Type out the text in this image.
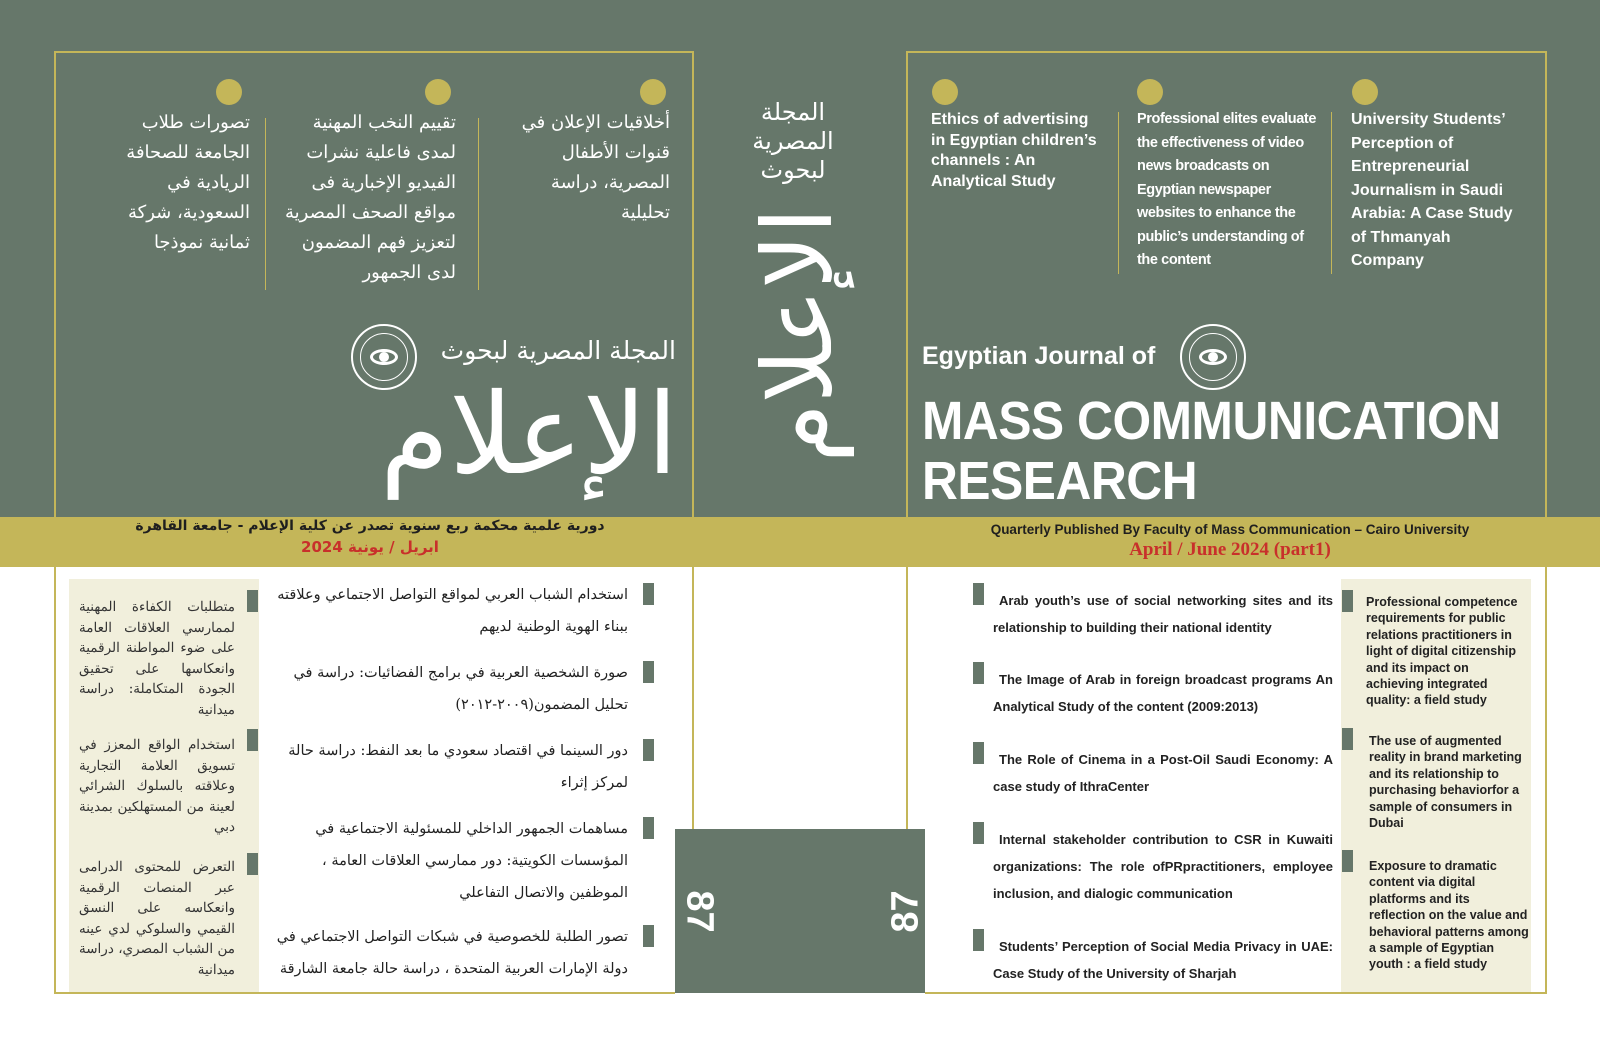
أخلاقيات الإعلان في قنوات الأطفال المصرية، دراسة تحليلية
تقييم النخب المهنية لمدى فاعلية نشرات الفيديو الإخبارية فى مواقع الصحف المصرية لتعزيز فهم المضمون لدى الجمهور
تصورات طلاب الجامعة للصحافة الريادية في السعودية، شركة ثمانية نموذجا
المجلة المصرية لبحوث
الإعلام
المجلة المصرية لبحوث
الإعلام
Ethics of advertising in Egyptian children’s channels : An Analytical Study
Professional elites evaluate the effectiveness of video news broadcasts on Egyptian newspaper websites to enhance the public’s understanding of the content
University Students’ Perception of Entrepreneurial Journalism in Saudi Arabia: A Case Study of Thmanyah Company
Egyptian Journal of
MASS COMMUNICATION
RESEARCH
دورية علمية محكمة ربع سنوية تصدر عن كلية الإعلام - جامعة القاهرة
ابريل / يونية 2024
Quarterly Published By Faculty of Mass Communication – Cairo University
April / June 2024 (part1)
استخدام الشباب العربي لمواقع التواصل الاجتماعي وعلاقته ببناء الهوية الوطنية لديهم
صورة الشخصية العربية في برامج الفضائيات: دراسة في تحليل المضمون(٢٠٠٩-٢٠١٢)
دور السينما في اقتصاد سعودي ما بعد النفط: دراسة حالة لمركز إثراء
مساهمات الجمهور الداخلي للمسئولية الاجتماعية في المؤسسات الكويتية: دور ممارسي العلاقات العامة ، الموظفين والاتصال التفاعلي
تصور الطلبة للخصوصية في شبكات التواصل الاجتماعي في دولة الإمارات العربية المتحدة ، دراسة حالة جامعة الشارقة
متطلبات الكفاءة المهنية لممارسي العلاقات العامة على ضوء المواطنة الرقمية وانعكاسها على تحقيق الجودة المتكاملة: دراسة ميدانية
استخدام الواقع المعزز في تسويق العلامة التجارية وعلاقته بالسلوك الشرائي لعينة من المستهلكين بمدينة دبي
التعرض للمحتوى الدرامى عبر المنصات الرقمية وانعكاسه على النسق القيمي والسلوكي لدي عينه من الشباب المصري، دراسة ميدانية
87	87
Arab youth’s use of social networking sites and its relationship to building their national identity
The Image of Arab in foreign broadcast programs An Analytical Study of the content (2009:2013)
The Role of Cinema in a Post-Oil Saudi Economy: A case study of IthraCenter
Internal stakeholder contribution to CSR in Kuwaiti organizations: The role ofPRpractitioners, employee inclusion, and dialogic communication
Students’ Perception of Social Media Privacy in UAE: Case Study of the University of Sharjah
Professional competence requirements for public relations practitioners in light of digital citizenship and its impact on achieving integrated quality: a field study
The use of augmented reality in brand marketing and its relationship to purchasing behaviorfor a sample of consumers in Dubai
Exposure to dramatic content via digital platforms and its reflection on the value and behavioral patterns among a sample of Egyptian youth : a field study
